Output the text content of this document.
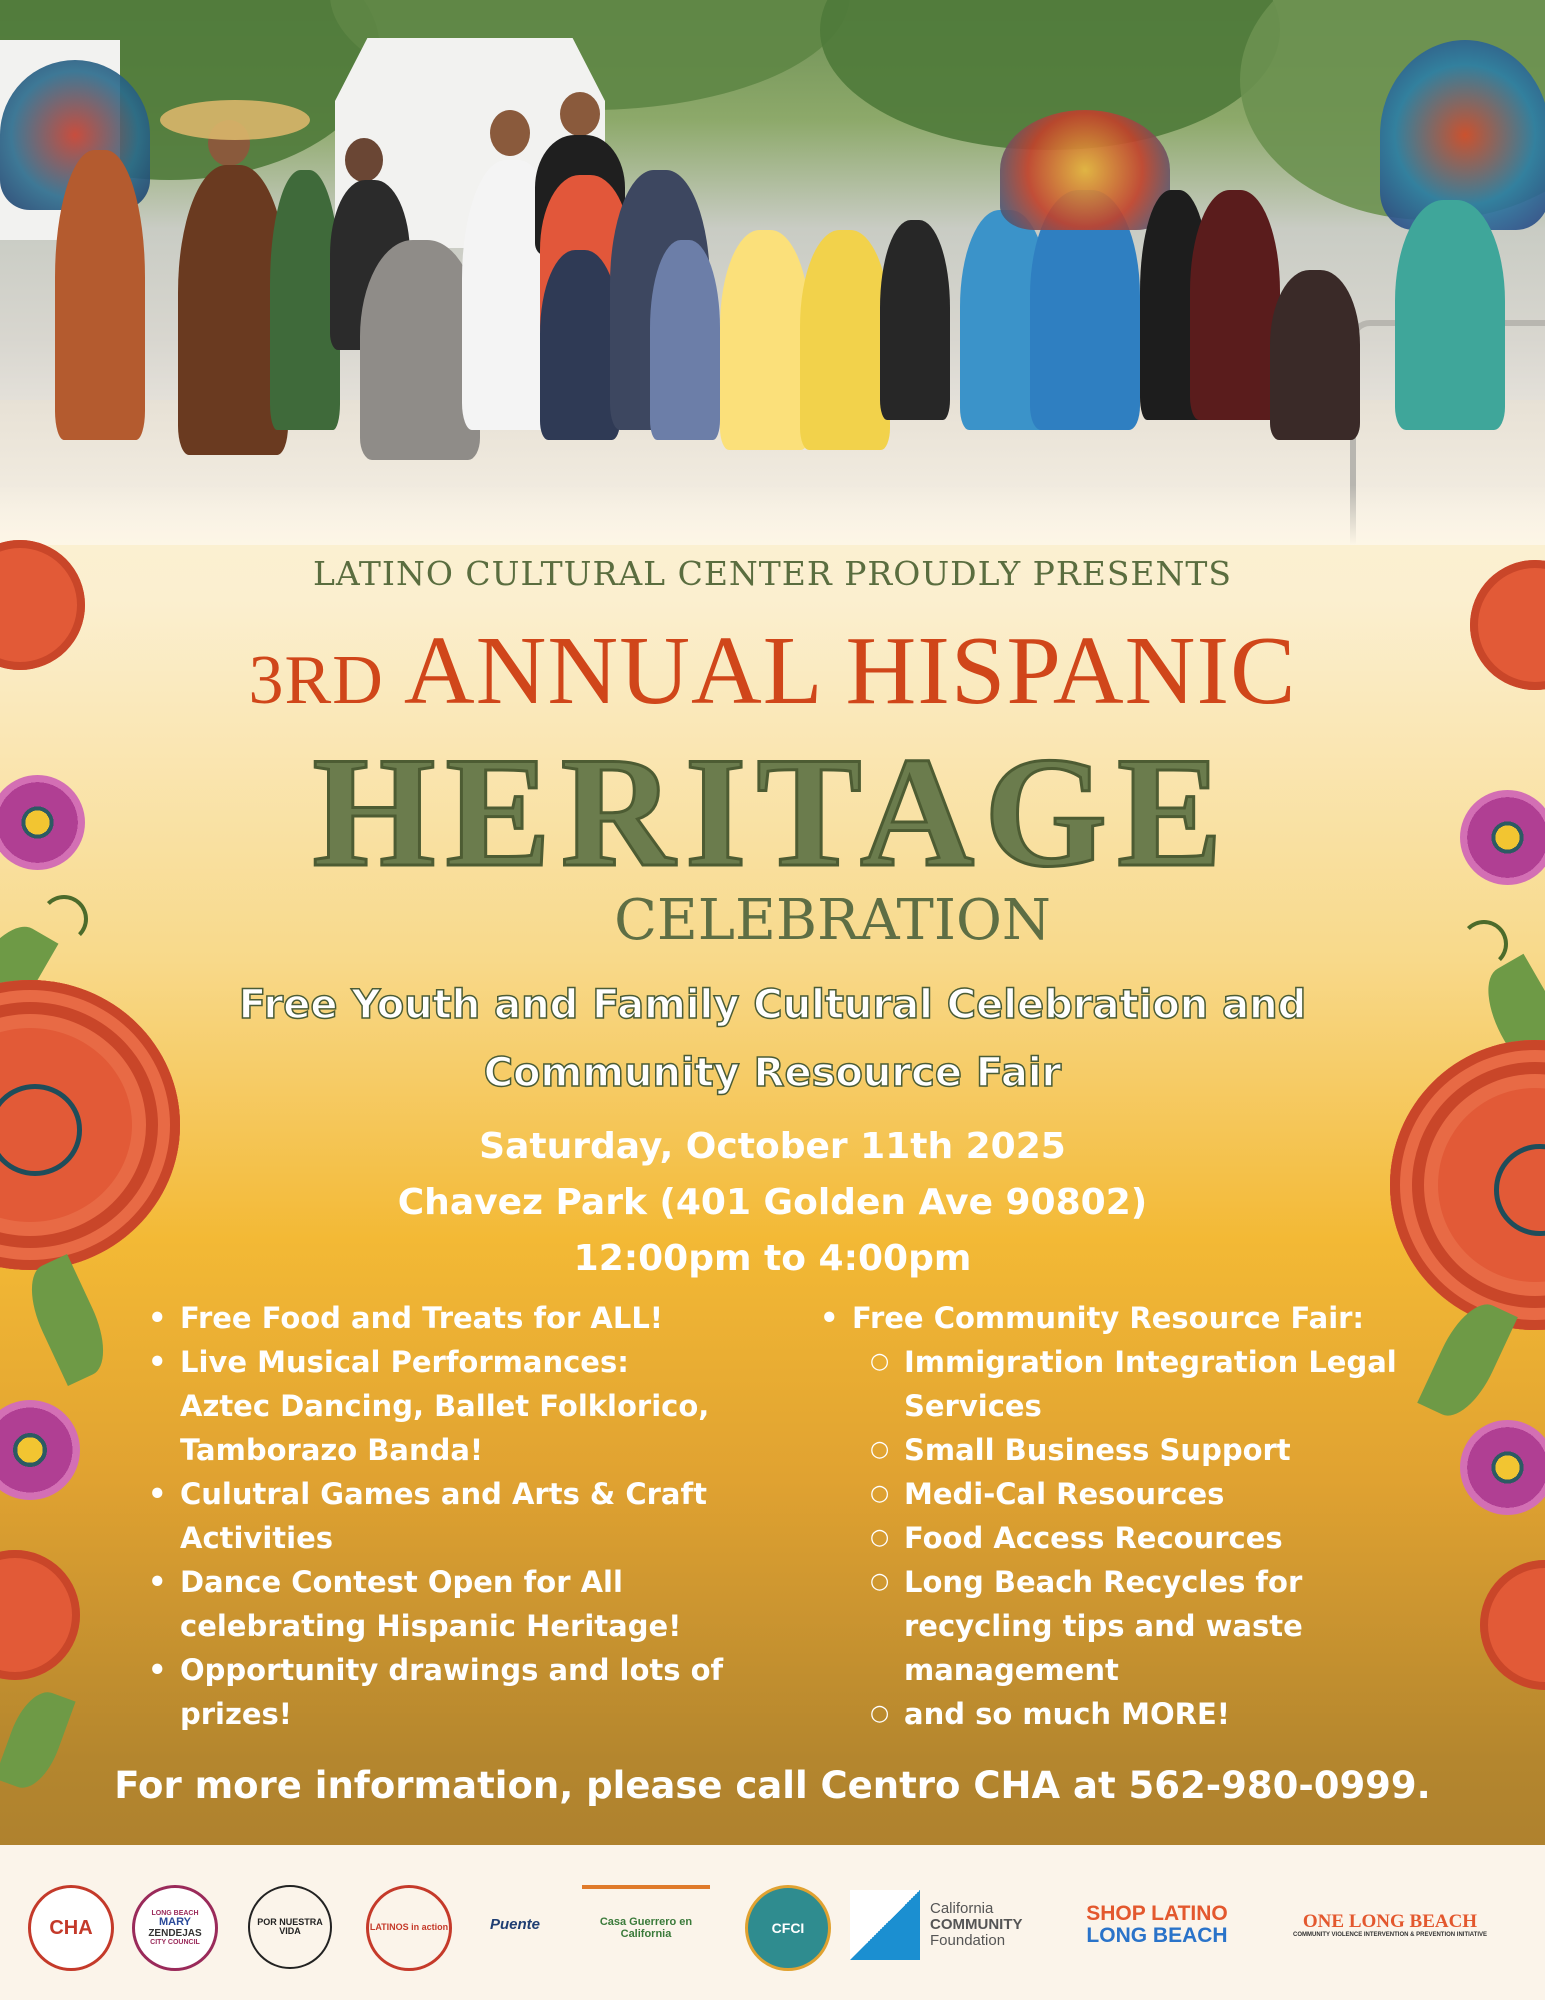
LATINO CULTURAL CENTER PROUDLY PRESENTS

3RD ANNUAL HISPANIC

HERITAGE

CELEBRATION

Free Youth and Family Cultural Celebration and

Community Resource Fair

Saturday, October 11th 2025

Chavez Park (401 Golden Ave 90802)

12:00pm to 4:00pm

• Free Food and Treats for ALL!
• Live Musical Performances:
Aztec Dancing, Ballet Folklorico,
Tamborazo Banda!
• Culutral Games and Arts & Craft
Activities
• Dance Contest Open for All
celebrating Hispanic Heritage!
• Opportunity drawings and lots of
prizes!
• Free Community Resource Fair:
○ Immigration Integration Legal
Services
○ Small Business Support
○ Medi-Cal Resources
○ Food Access Recources
○ Long Beach Recycles for
recycling tips and waste
management
○ and so much MORE!

For more information, please call Centro CHA at 562-980-0999.

CHA
LONG BEACH
MARY
ZENDEJAS
CITY COUNCIL
POR NUESTRA VIDA	LATINOS in action	Puente	Casa Guerrero en California	CFCI
California
COMMUNITY
Foundation
SHOP LATINO
LONG BEACH
ONE LONG BEACH
COMMUNITY VIOLENCE INTERVENTION & PREVENTION INITIATIVE
